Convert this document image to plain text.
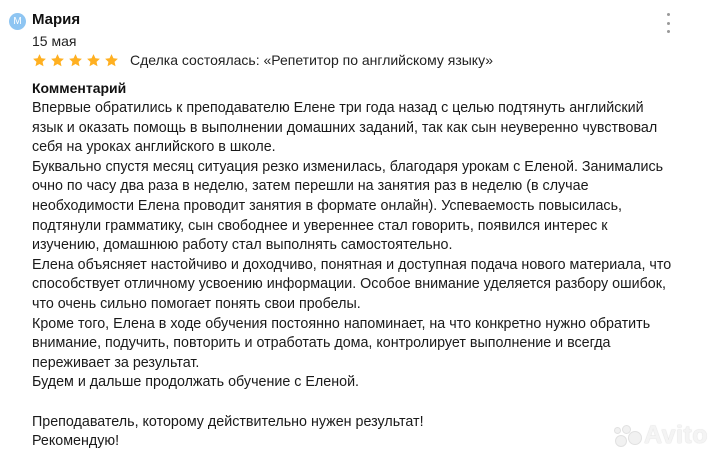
М Мария
15 мая
Сделка состоялась: «Репетитор по английскому языку»
Комментарий

Впервые обратились к преподавателю Елене три года назад с целью подтянуть английский

язык и оказать помощь в выполнении домашних заданий, так как сын неуверенно чувствовал

себя на уроках английского в школе.

Буквально спустя месяц ситуация резко изменилась, благодаря урокам с Еленой. Занимались

очно по часу два раза в неделю, затем перешли на занятия раз в неделю (в случае

необходимости Елена проводит занятия в формате онлайн). Успеваемость повысилась,

подтянули грамматику, сын свободнее и увереннее стал говорить, появился интерес к

изучению, домашнюю работу стал выполнять самостоятельно.

Елена объясняет настойчиво и доходчиво, понятная и доступная подача нового материала, что

способствует отличному усвоению информации. Особое внимание уделяется разбору ошибок,

что очень сильно помогает понять свои пробелы.

Кроме того, Елена в ходе обучения постоянно напоминает, на что конкретно нужно обратить

внимание, подучить, повторить и отработать дома, контролирует выполнение и всегда

переживает за результат.

Будем и дальше продолжать обучение с Еленой.

Преподаватель, которому действительно нужен результат!

Рекомендую!	Avito
